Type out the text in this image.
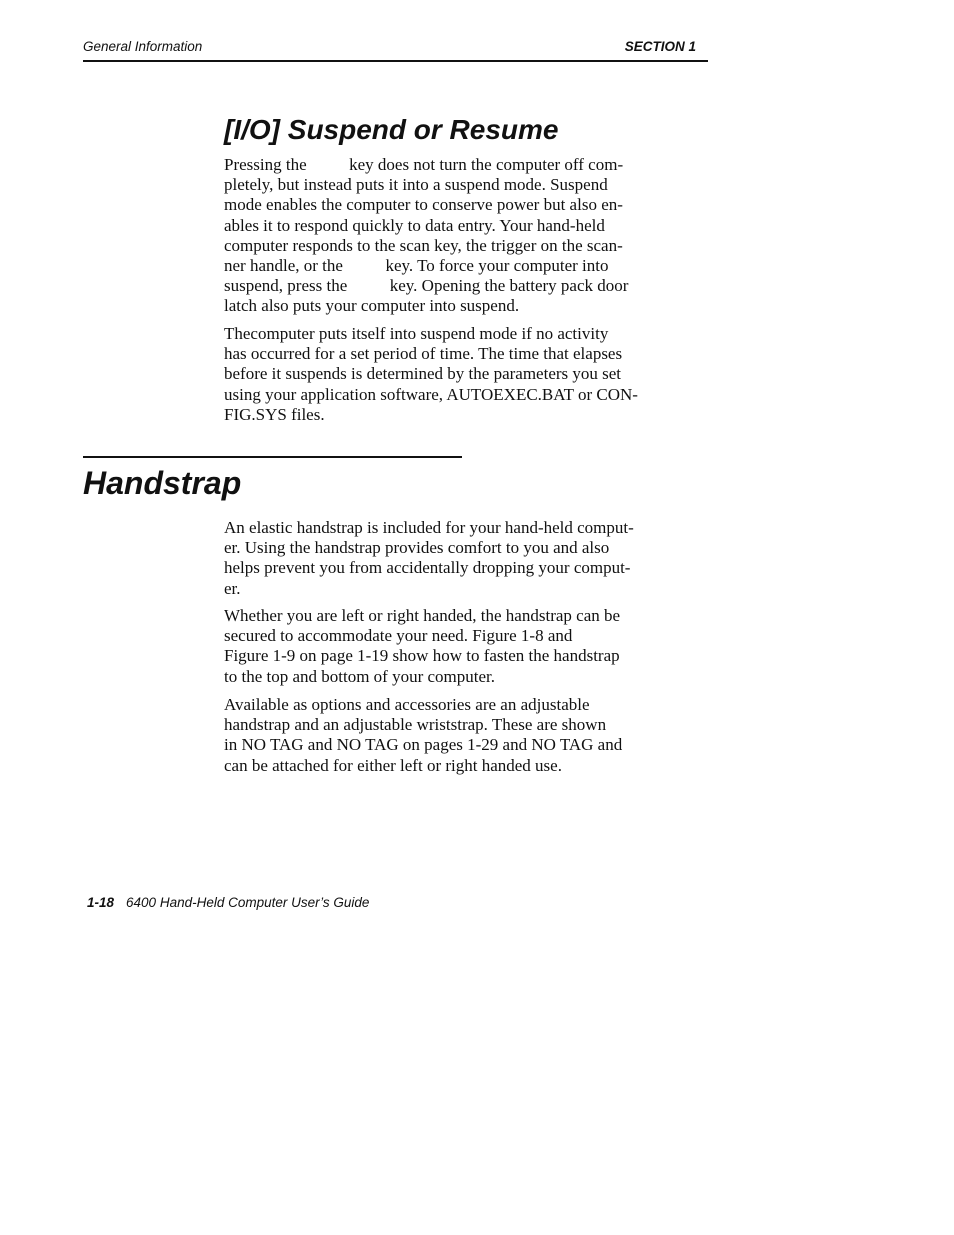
General Information	SECTION 1
[I/O] Suspend or Resume
Pressing the          key does not turn the computer off com-
pletely, but instead puts it into a suspend mode. Suspend
mode enables the computer to conserve power but also en-
ables it to respond quickly to data entry. Your hand-held
computer responds to the scan key, the trigger on the scan-
ner handle, or the          key. To force your computer into
suspend, press the          key. Opening the battery pack door
latch also puts your computer into suspend.
Thecomputer puts itself into suspend mode if no activity
has occurred for a set period of time. The time that elapses
before it suspends is determined by the parameters you set
using your application software, AUTOEXEC.BAT or CON-
FIG.SYS files.
Handstrap
An elastic handstrap is included for your hand-held comput-
er. Using the handstrap provides comfort to you and also
helps prevent you from accidentally dropping your comput-
er.
Whether you are left or right handed, the handstrap can be
secured to accommodate your need. Figure 1-8 and
Figure 1-9 on page 1-19 show how to fasten the handstrap
to the top and bottom of your computer.
Available as options and accessories are an adjustable
handstrap and an adjustable wriststrap. These are shown
in NO TAG and NO TAG on pages 1-29 and NO TAG and
can be attached for either left or right handed use.
1-18 6400 Hand-Held Computer User’s Guide
